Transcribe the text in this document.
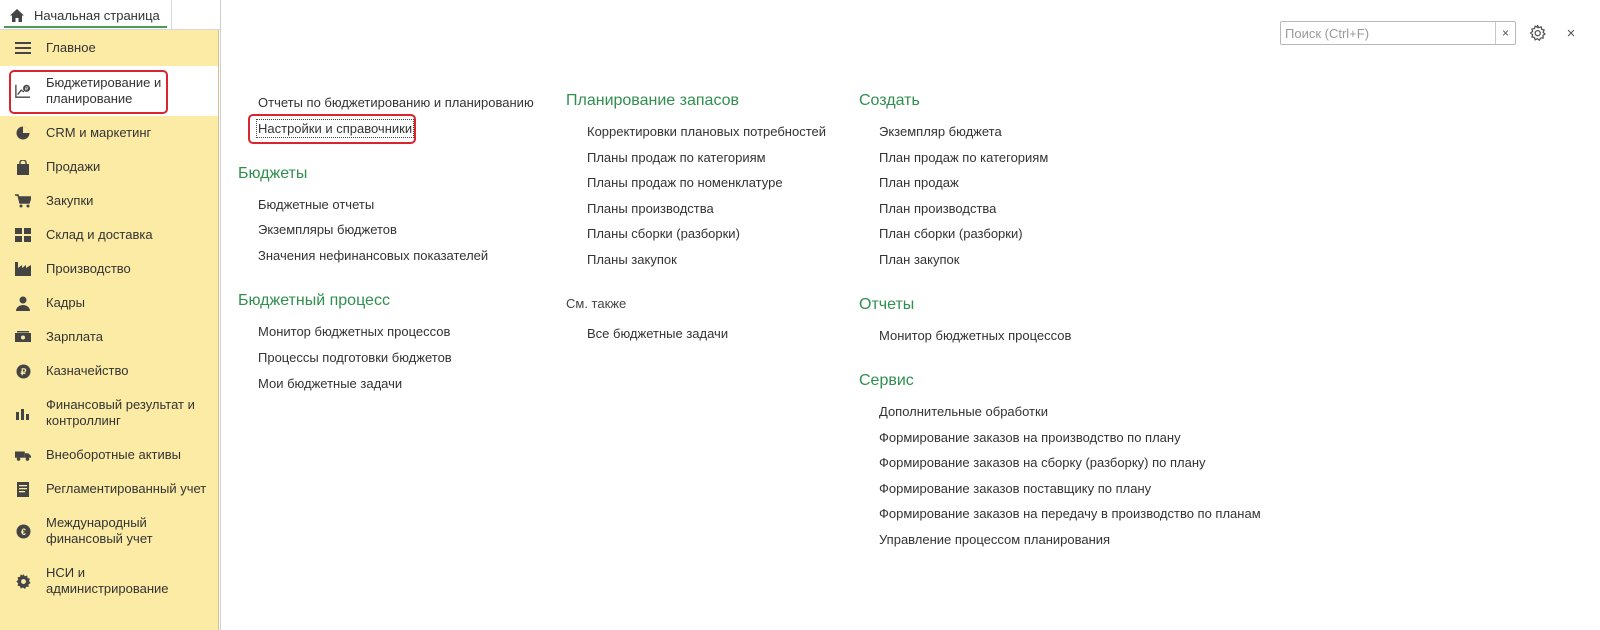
Начальная страница
Главное
₽ Бюджетирование и
планирование
CRM и маркетинг
Продажи
Закупки
Склад и доставка
Производство
Кадры
Зарплата
₽ Казначейство
Финансовый результат и
контроллинг
Внеоборотные активы
Регламентированный учет
€
Международный
финансовый учет
НСИ и
администрирование
Поиск (Ctrl+F)
×	×
Отчеты по бюджетированию и планированию
Настройки и справочники
Бюджеты
Бюджетные отчеты
Экземпляры бюджетов
Значения нефинансовых показателей
Бюджетный процесс
Монитор бюджетных процессов
Процессы подготовки бюджетов
Мои бюджетные задачи
Планирование запасов
Корректировки плановых потребностей
Планы продаж по категориям
Планы продаж по номенклатуре
Планы производства
Планы сборки (разборки)
Планы закупок
См. также
Все бюджетные задачи
Создать
Экземпляр бюджета
План продаж по категориям
План продаж
План производства
План сборки (разборки)
План закупок
Отчеты
Монитор бюджетных процессов
Сервис
Дополнительные обработки
Формирование заказов на производство по плану
Формирование заказов на сборку (разборку) по плану
Формирование заказов поставщику по плану
Формирование заказов на передачу в производство по планам
Управление процессом планирования
